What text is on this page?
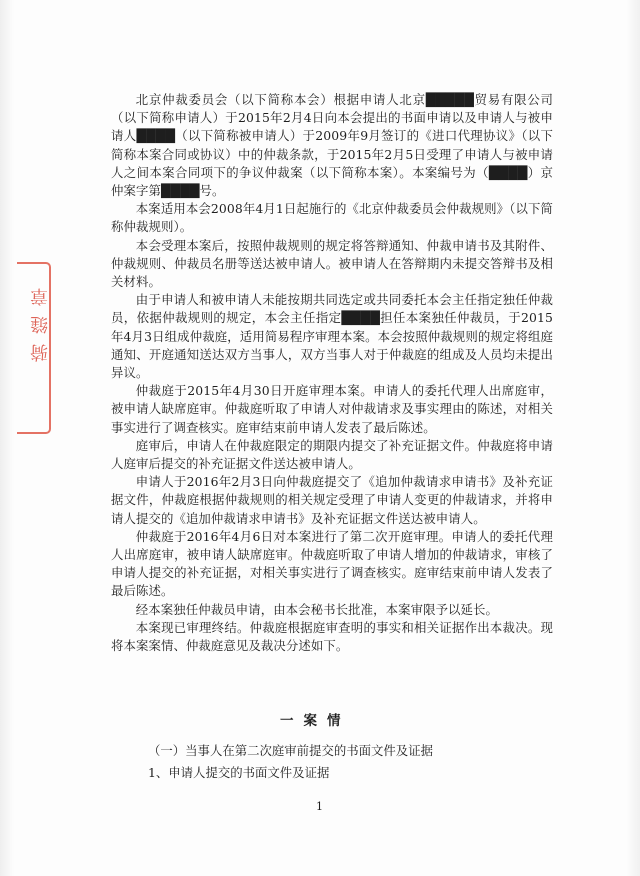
骑缝章

北京仲裁委员会（以下简称本会）根据申请人北京█████贸易有限公司（以下简称申请人）于2015年2月4日向本会提出的书面申请以及申请人与被申请人████（以下简称被申请人）于2009年9月签订的《进口代理协议》（以下简称本案合同或协议）中的仲裁条款，于2015年2月5日受理了申请人与被申请人之间本案合同项下的争议仲裁案（以下简称本案）。本案编号为（████）京仲案字第████号。

本案适用本会2008年4月1日起施行的《北京仲裁委员会仲裁规则》（以下简称仲裁规则）。

本会受理本案后，按照仲裁规则的规定将答辩通知、仲裁申请书及其附件、仲裁规则、仲裁员名册等送达被申请人。被申请人在答辩期内未提交答辩书及相关材料。

由于申请人和被申请人未能按期共同选定或共同委托本会主任指定独任仲裁员，依据仲裁规则的规定，本会主任指定████担任本案独任仲裁员，于2015年4月3日组成仲裁庭，适用简易程序审理本案。本会按照仲裁规则的规定将组庭通知、开庭通知送达双方当事人，双方当事人对于仲裁庭的组成及人员均未提出异议。

仲裁庭于2015年4月30日开庭审理本案。申请人的委托代理人出席庭审，被申请人缺席庭审。仲裁庭听取了申请人对仲裁请求及事实理由的陈述，对相关事实进行了调查核实。庭审结束前申请人发表了最后陈述。

庭审后，申请人在仲裁庭限定的期限内提交了补充证据文件。仲裁庭将申请人庭审后提交的补充证据文件送达被申请人。

申请人于2016年2月3日向仲裁庭提交了《追加仲裁请求申请书》及补充证据文件，仲裁庭根据仲裁规则的相关规定受理了申请人变更的仲裁请求，并将申请人提交的《追加仲裁请求申请书》及补充证据文件送达被申请人。

仲裁庭于2016年4月6日对本案进行了第二次开庭审理。申请人的委托代理人出席庭审，被申请人缺席庭审。仲裁庭听取了申请人增加的仲裁请求，审核了申请人提交的补充证据，对相关事实进行了调查核实。庭审结束前申请人发表了最后陈述。

经本案独任仲裁员申请，由本会秘书长批准，本案审限予以延长。

本案现已审理终结。仲裁庭根据庭审查明的事实和相关证据作出本裁决。现将本案案情、仲裁庭意见及裁决分述如下。

一案情
（一）当事人在第二次庭审前提交的书面文件及证据
1、申请人提交的书面文件及证据
1
